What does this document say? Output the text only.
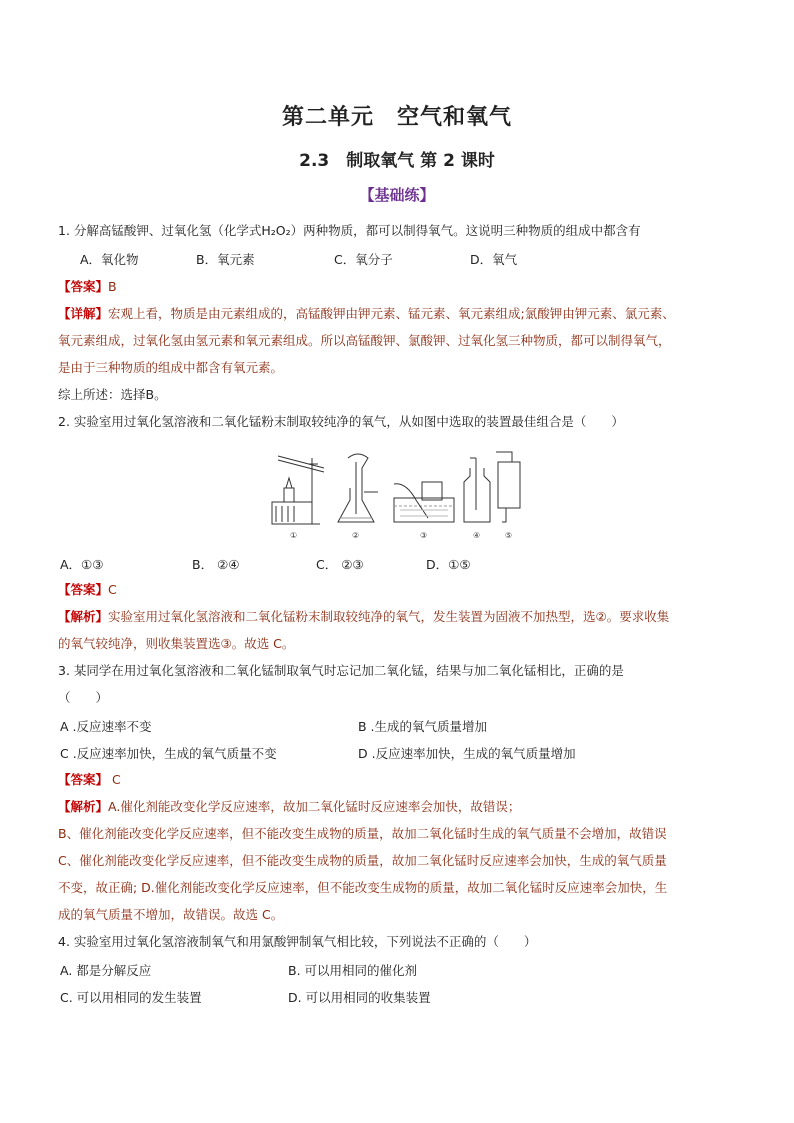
第二单元　空气和氧气
2.3　制取氧气 第 2 课时
【基础练】
1. 分解高锰酸钾、过氧化氢（化学式H₂O₂）两种物质，都可以制得氧气。这说明三种物质的组成中都含有
A．氧化物	B．氧元素	C．氧分子	D．氧气
【答案】B
【详解】宏观上看，物质是由元素组成的，高锰酸钾由钾元素、锰元素、氧元素组成;氯酸钾由钾元素、氯元素、
氧元素组成，过氧化氢由氢元素和氧元素组成。所以高锰酸钾、氯酸钾、过氧化氢三种物质，都可以制得氧气，
是由于三种物质的组成中都含有氧元素。
综上所述：选择B。
2. 实验室用过氧化氢溶液和二氧化锰粉末制取较纯净的氧气，从如图中选取的装置最佳组合是（　　）
①	②	③	④	⑤
A．①③	B． ②④	C． ②③	D．①⑤
【答案】C
【解析】实验室用过氧化氢溶液和二氧化锰粉末制取较纯净的氧气，发生装置为固液不加热型，选②。要求收集
的氧气较纯净，则收集装置选③。故选 C。
3. 某同学在用过氧化氢溶液和二氧化锰制取氧气时忘记加二氧化锰，结果与加二氧化锰相比，正确的是
（　　）
A .反应速率不变	B .生成的氧气质量增加
C .反应速率加快，生成的氧气质量不变	D .反应速率加快，生成的氧气质量增加
【答案】 C
【解析】A.催化剂能改变化学反应速率，故加二氧化锰时反应速率会加快，故错误；
B、催化剂能改变化学反应速率，但不能改变生成物的质量，故加二氧化锰时生成的氧气质量不会增加，故错误
C、催化剂能改变化学反应速率，但不能改变生成物的质量，故加二氧化锰时反应速率会加快，生成的氧气质量
不变，故正确; D.催化剂能改变化学反应速率，但不能改变生成物的质量，故加二氧化锰时反应速率会加快，生
成的氧气质量不增加，故错误。故选 C。
4. 实验室用过氧化氢溶液制氧气和用氯酸钾制氧气相比较，下列说法不正确的（　　）
A. 都是分解反应	B. 可以用相同的催化剂
C. 可以用相同的发生装置	D. 可以用相同的收集装置
